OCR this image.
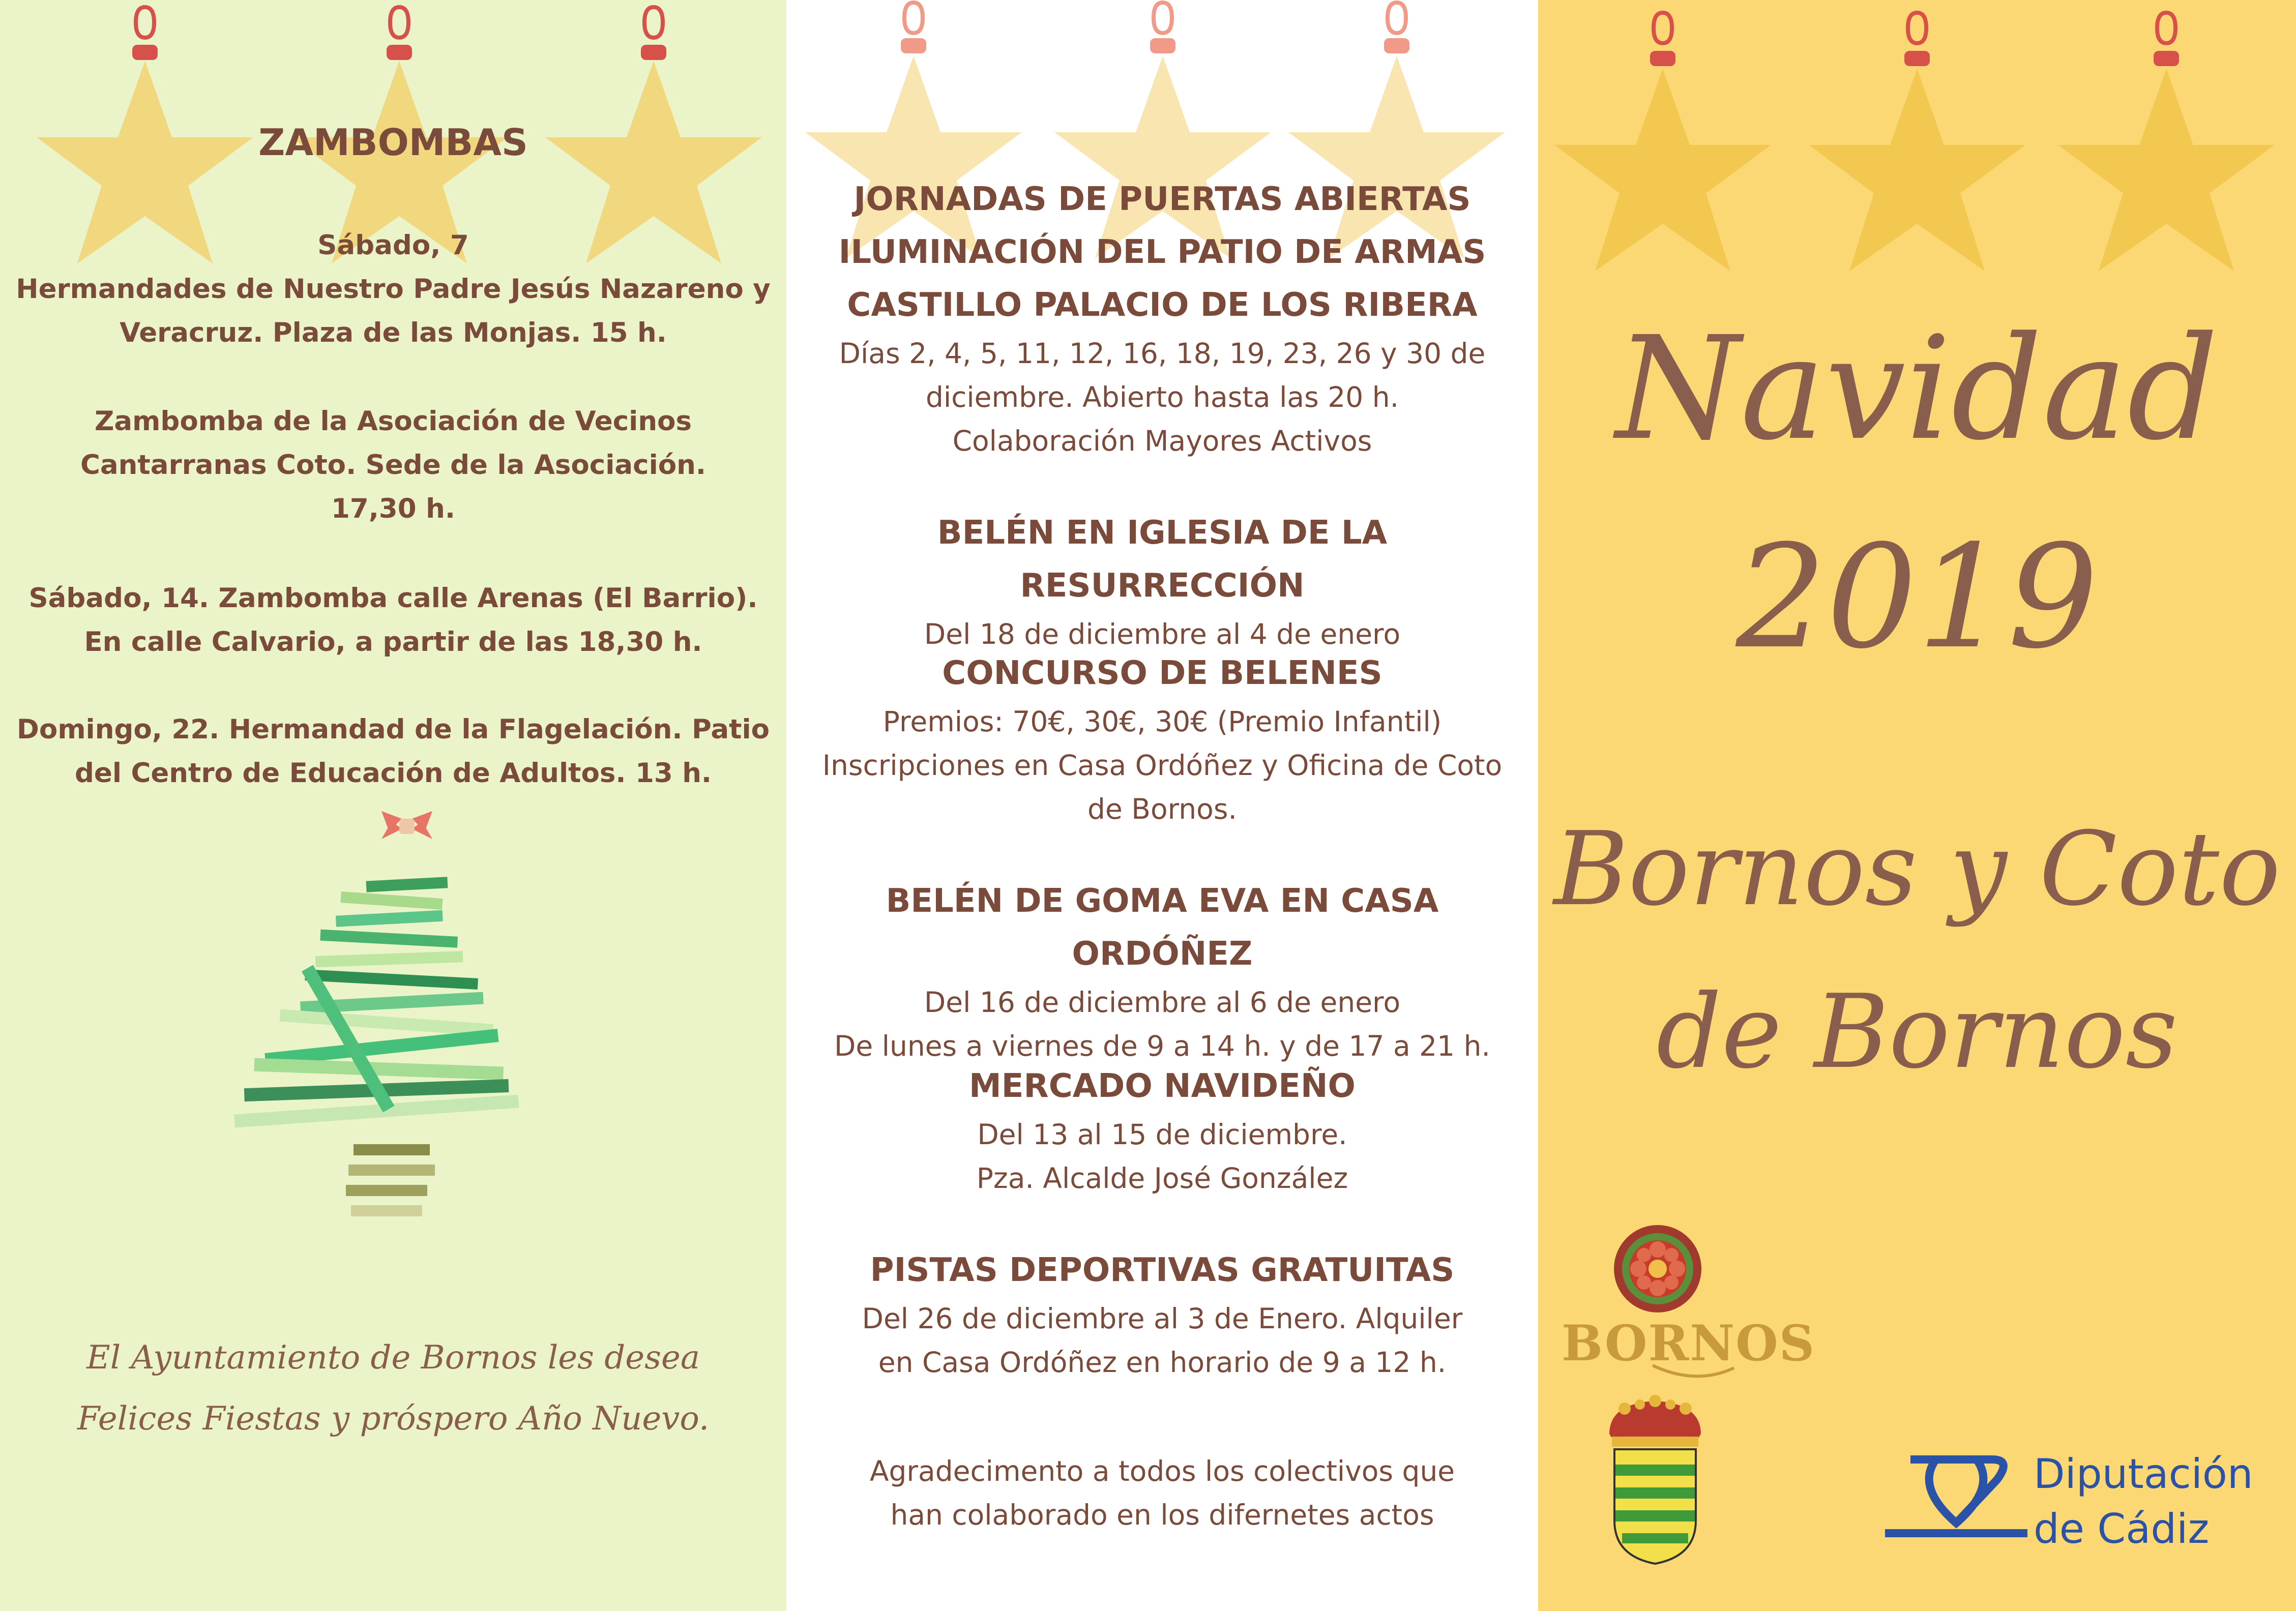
ZAMBOMBAS
Sábado, 7
Hermandades de Nuestro Padre Jesús Nazareno y
Veracruz. Plaza de las Monjas. 15 h.
Zambomba de la Asociación de Vecinos
Cantarranas Coto. Sede de la Asociación.
17,30 h.
Sábado, 14. Zambomba calle Arenas (El Barrio).
En calle Calvario, a partir de las 18,30 h.
Domingo, 22. Hermandad de la Flagelación. Patio
del Centro de Educación de Adultos. 13 h.
El Ayuntamiento de Bornos les desea
Felices Fiestas y próspero Año Nuevo.
JORNADAS DE PUERTAS ABIERTAS
ILUMINACIÓN DEL PATIO DE ARMAS
CASTILLO PALACIO DE LOS RIBERA
Días 2, 4, 5, 11, 12, 16, 18, 19, 23, 26 y 30 de
diciembre. Abierto hasta las 20 h.
Colaboración Mayores Activos
BELÉN EN IGLESIA DE LA RESURRECCIÓN
Del 18 de diciembre al 4 de enero
CONCURSO DE BELENES
Premios: 70€, 30€, 30€ (Premio Infantil)
Inscripciones en Casa Ordóñez y Oficina de Coto
de Bornos.
BELÉN DE GOMA EVA EN CASA ORDÓÑEZ
Del 16 de diciembre al 6 de enero
De lunes a viernes de 9 a 14 h. y de 17 a 21 h.
MERCADO NAVIDEÑO
Del 13 al 15 de diciembre.
Pza. Alcalde José González
PISTAS DEPORTIVAS GRATUITAS
Del 26 de diciembre al 3 de Enero. Alquiler
en Casa Ordóñez en horario de 9 a 12 h.
Agradecimento a todos los colectivos que
han colaborado en los difernetes actos
Navidad
2019
Bornos y Coto
de Bornos
BORNOS
Diputación
de Cádiz
